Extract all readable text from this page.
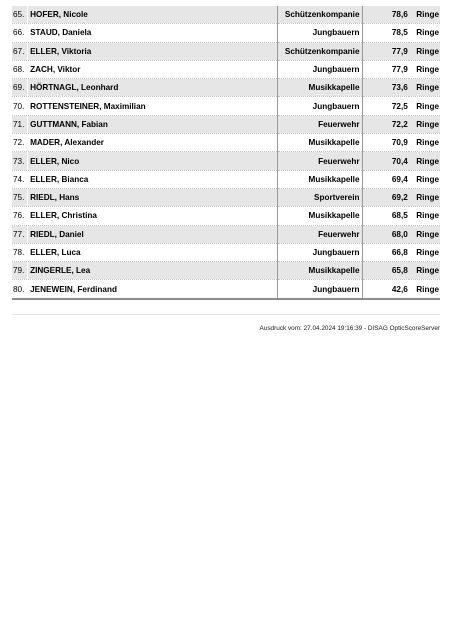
65.	HOFER, Nicole	Schützenkompanie	78,6	Ringe
66.	STAUD, Daniela	Jungbauern	78,5	Ringe
67.	ELLER, Viktoria	Schützenkompanie	77,9	Ringe
68.	ZACH, Viktor	Jungbauern	77,9	Ringe
69.	HÖRTNAGL, Leonhard	Musikkapelle	73,6	Ringe
70.	ROTTENSTEINER, Maximilian	Jungbauern	72,5	Ringe
71.	GUTTMANN, Fabian	Feuerwehr	72,2	Ringe
72.	MADER, Alexander	Musikkapelle	70,9	Ringe
73.	ELLER, Nico	Feuerwehr	70,4	Ringe
74.	ELLER, Bianca	Musikkapelle	69,4	Ringe
75.	RIEDL, Hans	Sportverein	69,2	Ringe
76.	ELLER, Christina	Musikkapelle	68,5	Ringe
77.	RIEDL, Daniel	Feuerwehr	68,0	Ringe
78.	ELLER, Luca	Jungbauern	66,8	Ringe
79.	ZINGERLE, Lea	Musikkapelle	65,8	Ringe
80.	JENEWEIN, Ferdinand	Jungbauern	42,6	Ringe
Ausdruck vom: 27.04.2024 19:16:39 - DISAG OpticScoreServer
